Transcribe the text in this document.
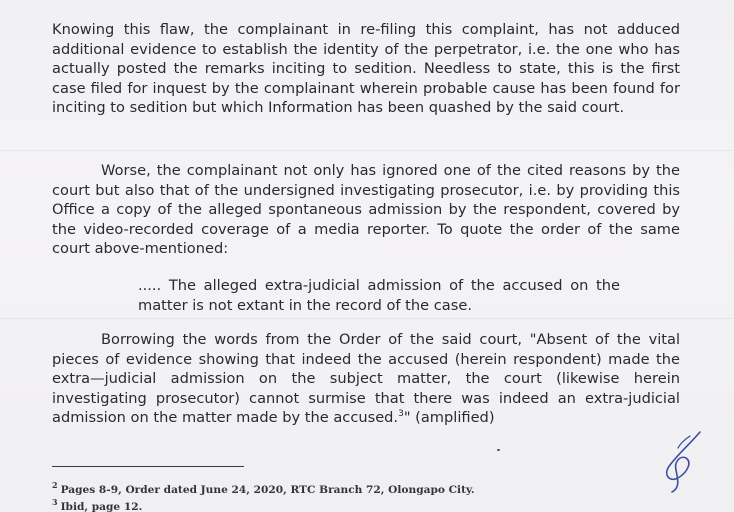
Knowing this flaw, the complainant in re-filing this complaint, has not adduced additional evidence to establish the identity of the perpetrator, i.e. the one who has actually posted the remarks inciting to sedition. Needless to state, this is the first case filed for inquest by the complainant wherein probable cause has been found for inciting to sedition but which Information has been quashed by the said court.

Worse, the complainant not only has ignored one of the cited reasons by the court but also that of the undersigned investigating prosecutor, i.e. by providing this Office a copy of the alleged spontaneous admission by the respondent, covered by the video-recorded coverage of a media reporter. To quote the order of the same court above-mentioned:

..... The alleged extra-judicial admission of the accused on the matter is not extant in the record of the case.

Borrowing the words from the Order of the said court, "Absent of the vital pieces of evidence showing that indeed the accused (herein respondent) made the extra—judicial admission on the subject matter, the court (likewise herein investigating prosecutor) cannot surmise that there was indeed an extra-judicial admission on the matter made by the accused.$^3$" (amplified)

$^2$ Pages 8-9, Order dated June 24, 2020, RTC Branch 72, Olongapo City.

$^3$ Ibid, page 12.
